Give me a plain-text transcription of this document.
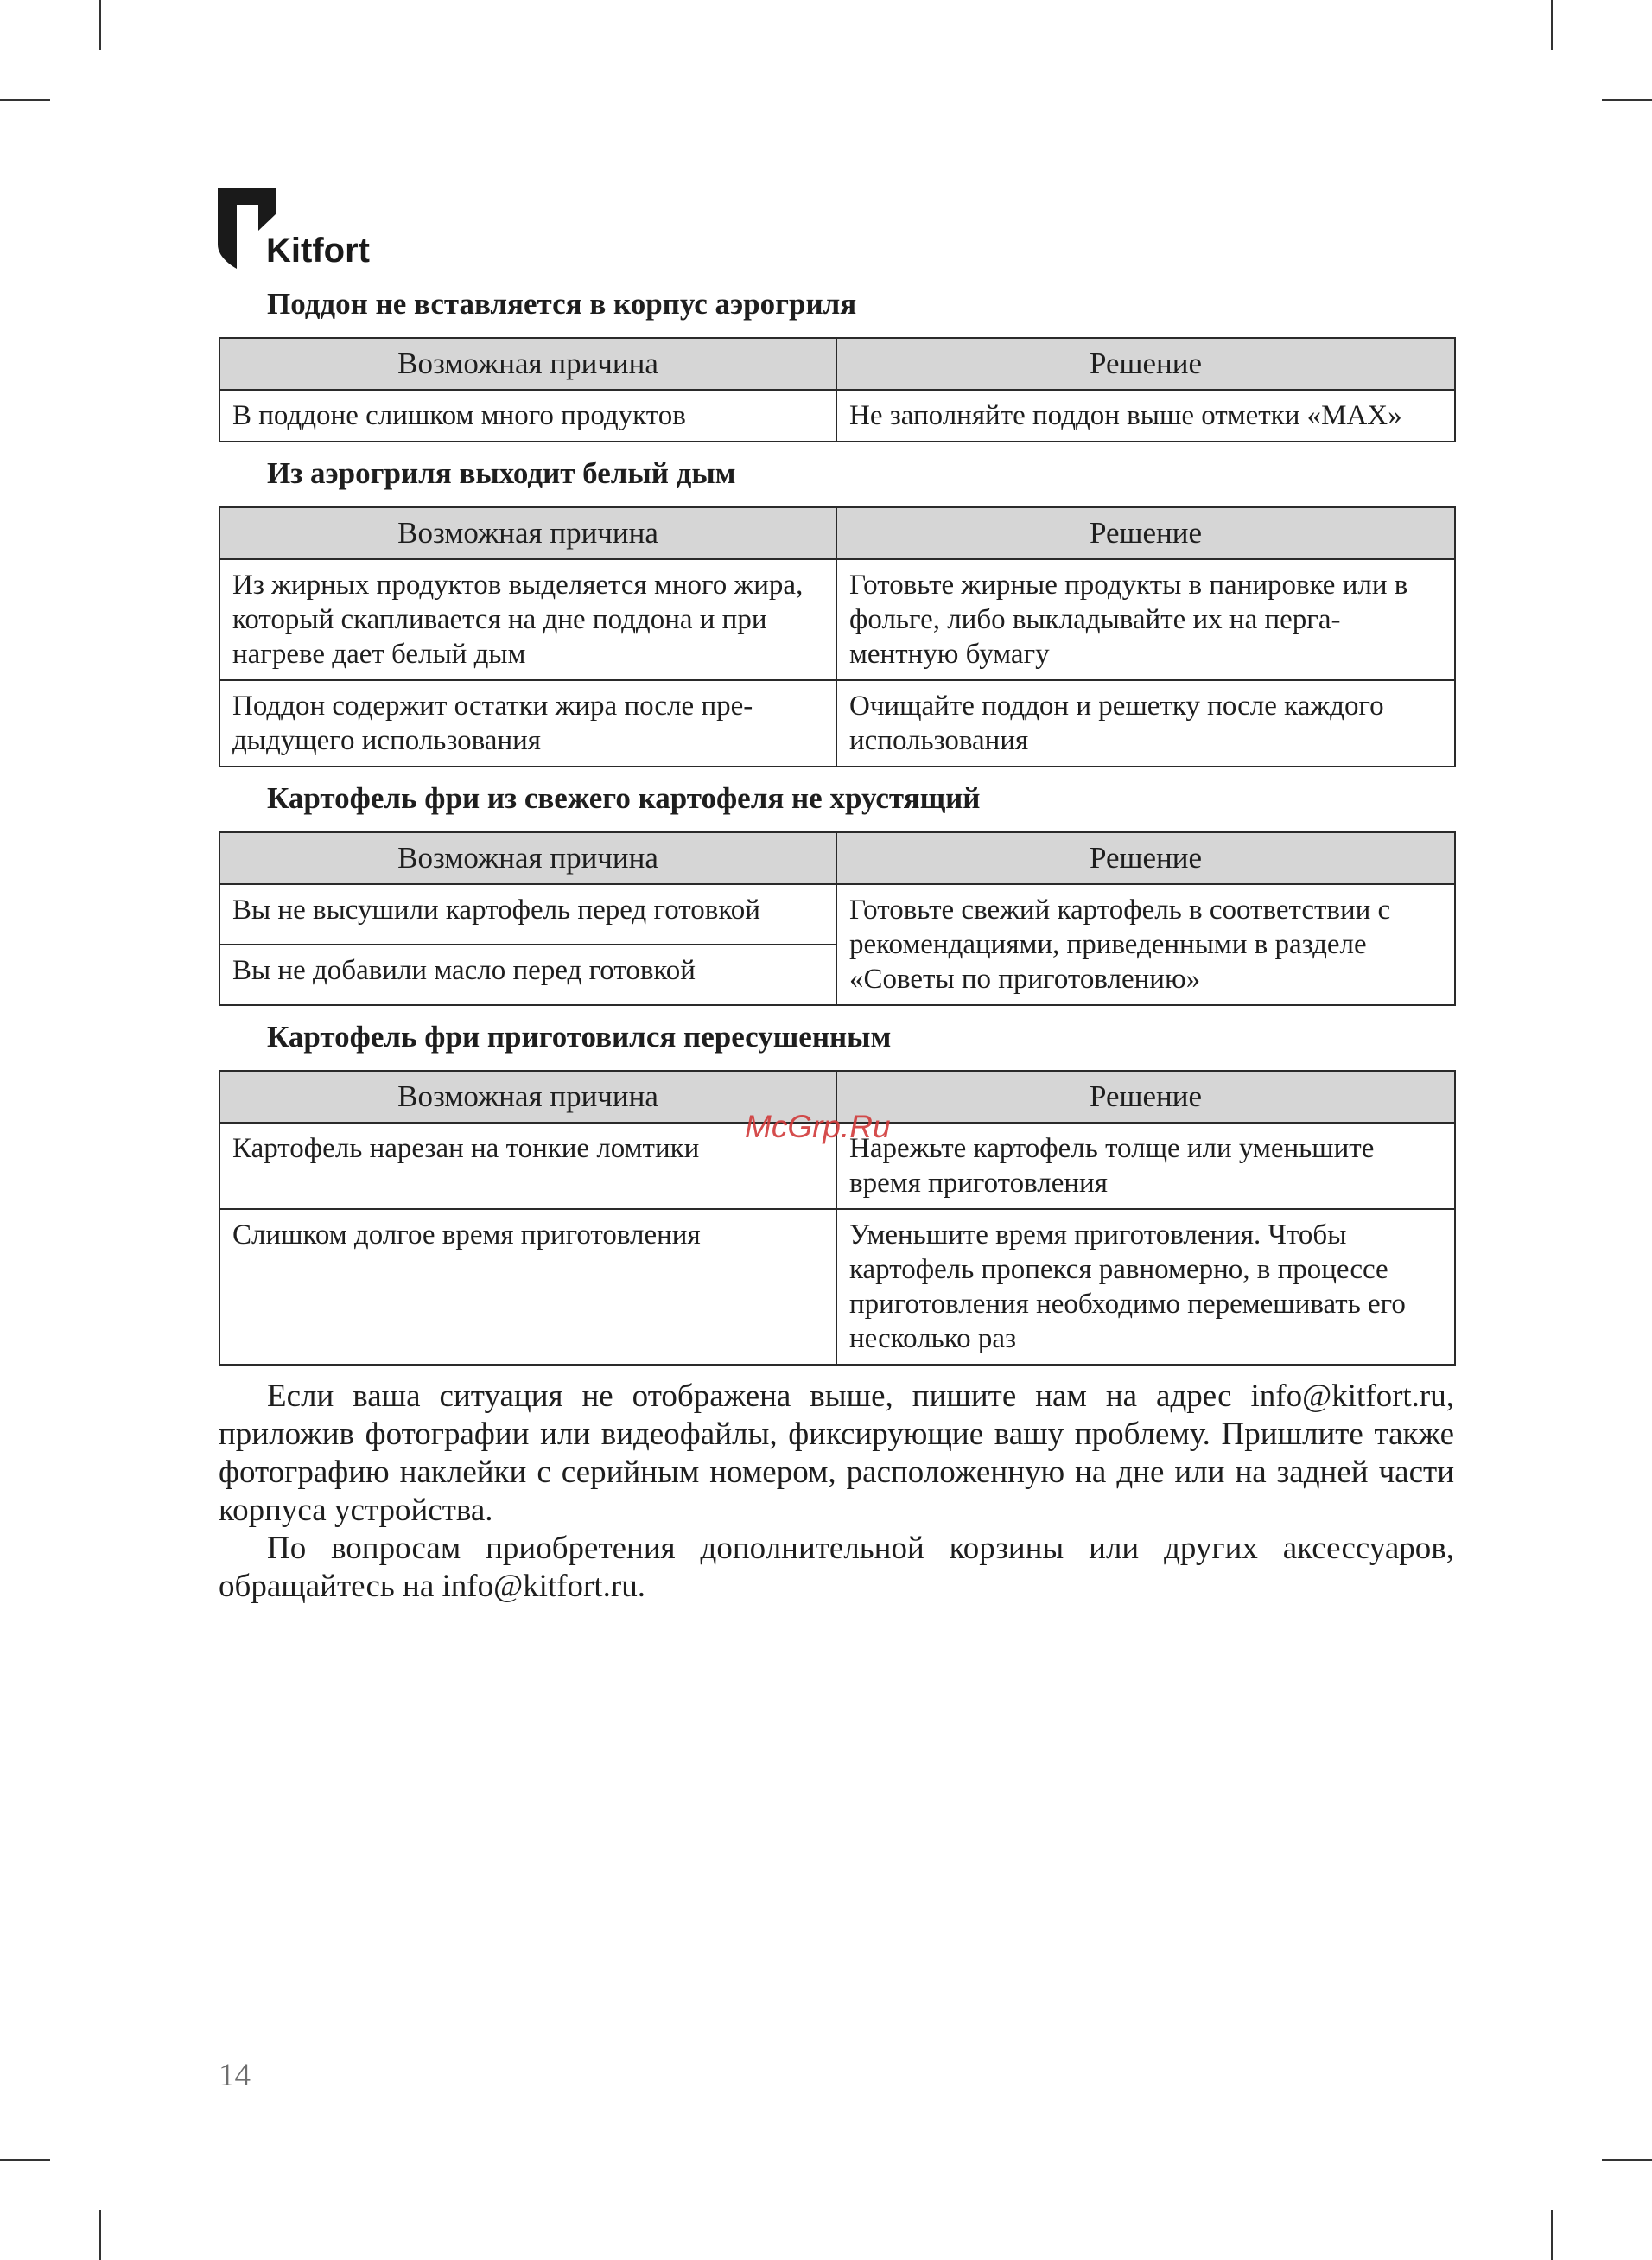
Kitfort
Поддон не вставляется в корпус аэрогриля
Возможная причина	Решение
В поддоне слишком много продуктов	Не заполняйте поддон выше отметки «MAX»
Из аэрогриля выходит белый дым
Возможная причина	Решение
Из жирных продуктов выделяется много жира, который скапливается на дне поддона и при нагреве дает белый дым	Готовьте жирные продукты в панировке или в фольге, либо выкладывайте их на перга-ментную бумагу
Поддон содержит остатки жира после пре-дыдущего использования	Очищайте поддон и решетку после каждого использования
Картофель фри из свежего картофеля не хрустящий
Возможная причина	Решение
Вы не высушили картофель перед готовкой	Готовьте свежий картофель в соответствии с рекомендациями, приведенными в разделе «Советы по приготовлению»
Вы не добавили масло перед готовкой	
Картофель фри приготовился пересушенным
Возможная причина	Решение
Картофель нарезан на тонкие ломтики	Нарежьте картофель толще или уменьшите время приготовления
Слишком долгое время приготовления	Уменьшите время приготовления. Чтобы картофель пропекся равномерно, в процессе приготовления необходимо перемешивать его несколько раз

Если ваша ситуация не отображена выше, пишите нам на адрес info@kitfort.ru, приложив фотографии или видеофайлы, фиксирующие вашу проблему. Пришлите также фотографию наклейки с серийным номером, расположенную на дне или на задней части корпуса устройства.

По вопросам приобретения дополнительной корзины или других аксессуаров, обращайтесь на info@kitfort.ru.

McGrp.Ru
14
